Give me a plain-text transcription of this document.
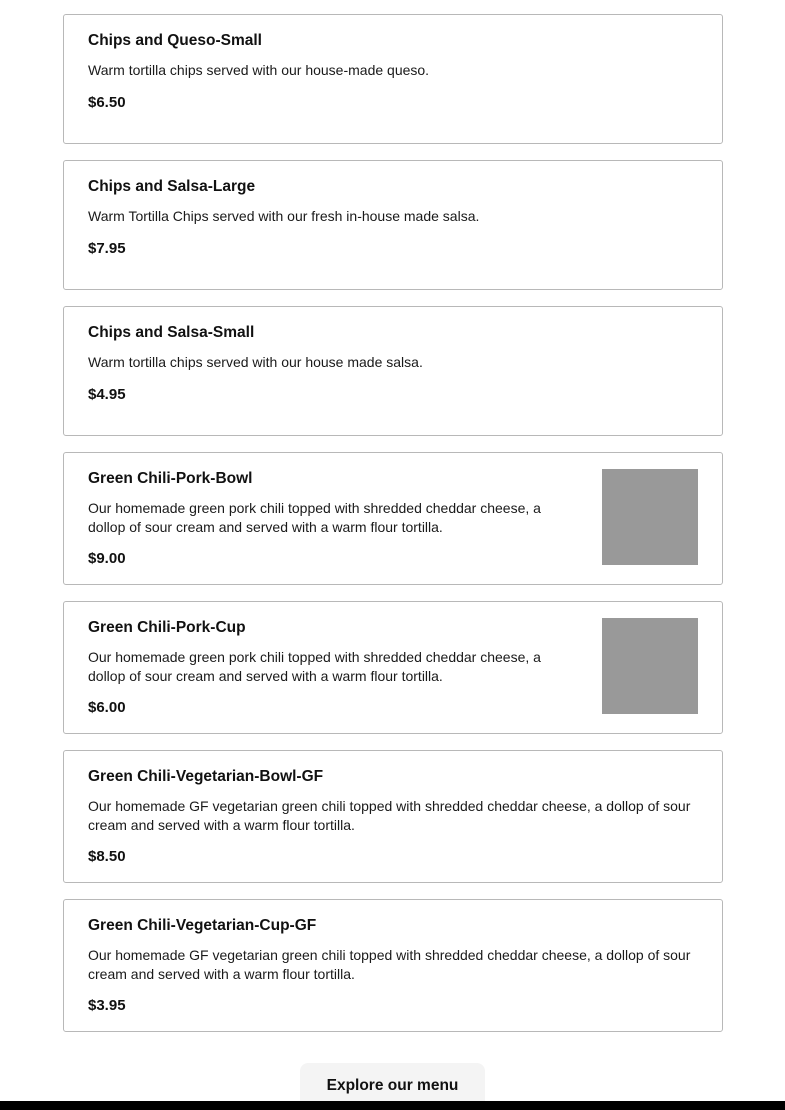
Chips and Queso-Small
Warm tortilla chips served with our house-made queso.
$6.50
Chips and Salsa-Large
Warm Tortilla Chips served with our fresh in-house made salsa.
$7.95
Chips and Salsa-Small
Warm tortilla chips served with our house made salsa.
$4.95
Green Chili-Pork-Bowl
Our homemade green pork chili topped with shredded cheddar cheese, a dollop of sour cream and served with a warm flour tortilla.
$9.00
Green Chili-Pork-Cup
Our homemade green pork chili topped with shredded cheddar cheese, a dollop of sour cream and served with a warm flour tortilla.
$6.00
Green Chili-Vegetarian-Bowl-GF
Our homemade GF vegetarian green chili topped with shredded cheddar cheese, a dollop of sour cream and served with a warm flour tortilla.
$8.50
Green Chili-Vegetarian-Cup-GF
Our homemade GF vegetarian green chili topped with shredded cheddar cheese, a dollop of sour cream and served with a warm flour tortilla.
$3.95
Explore our menu
